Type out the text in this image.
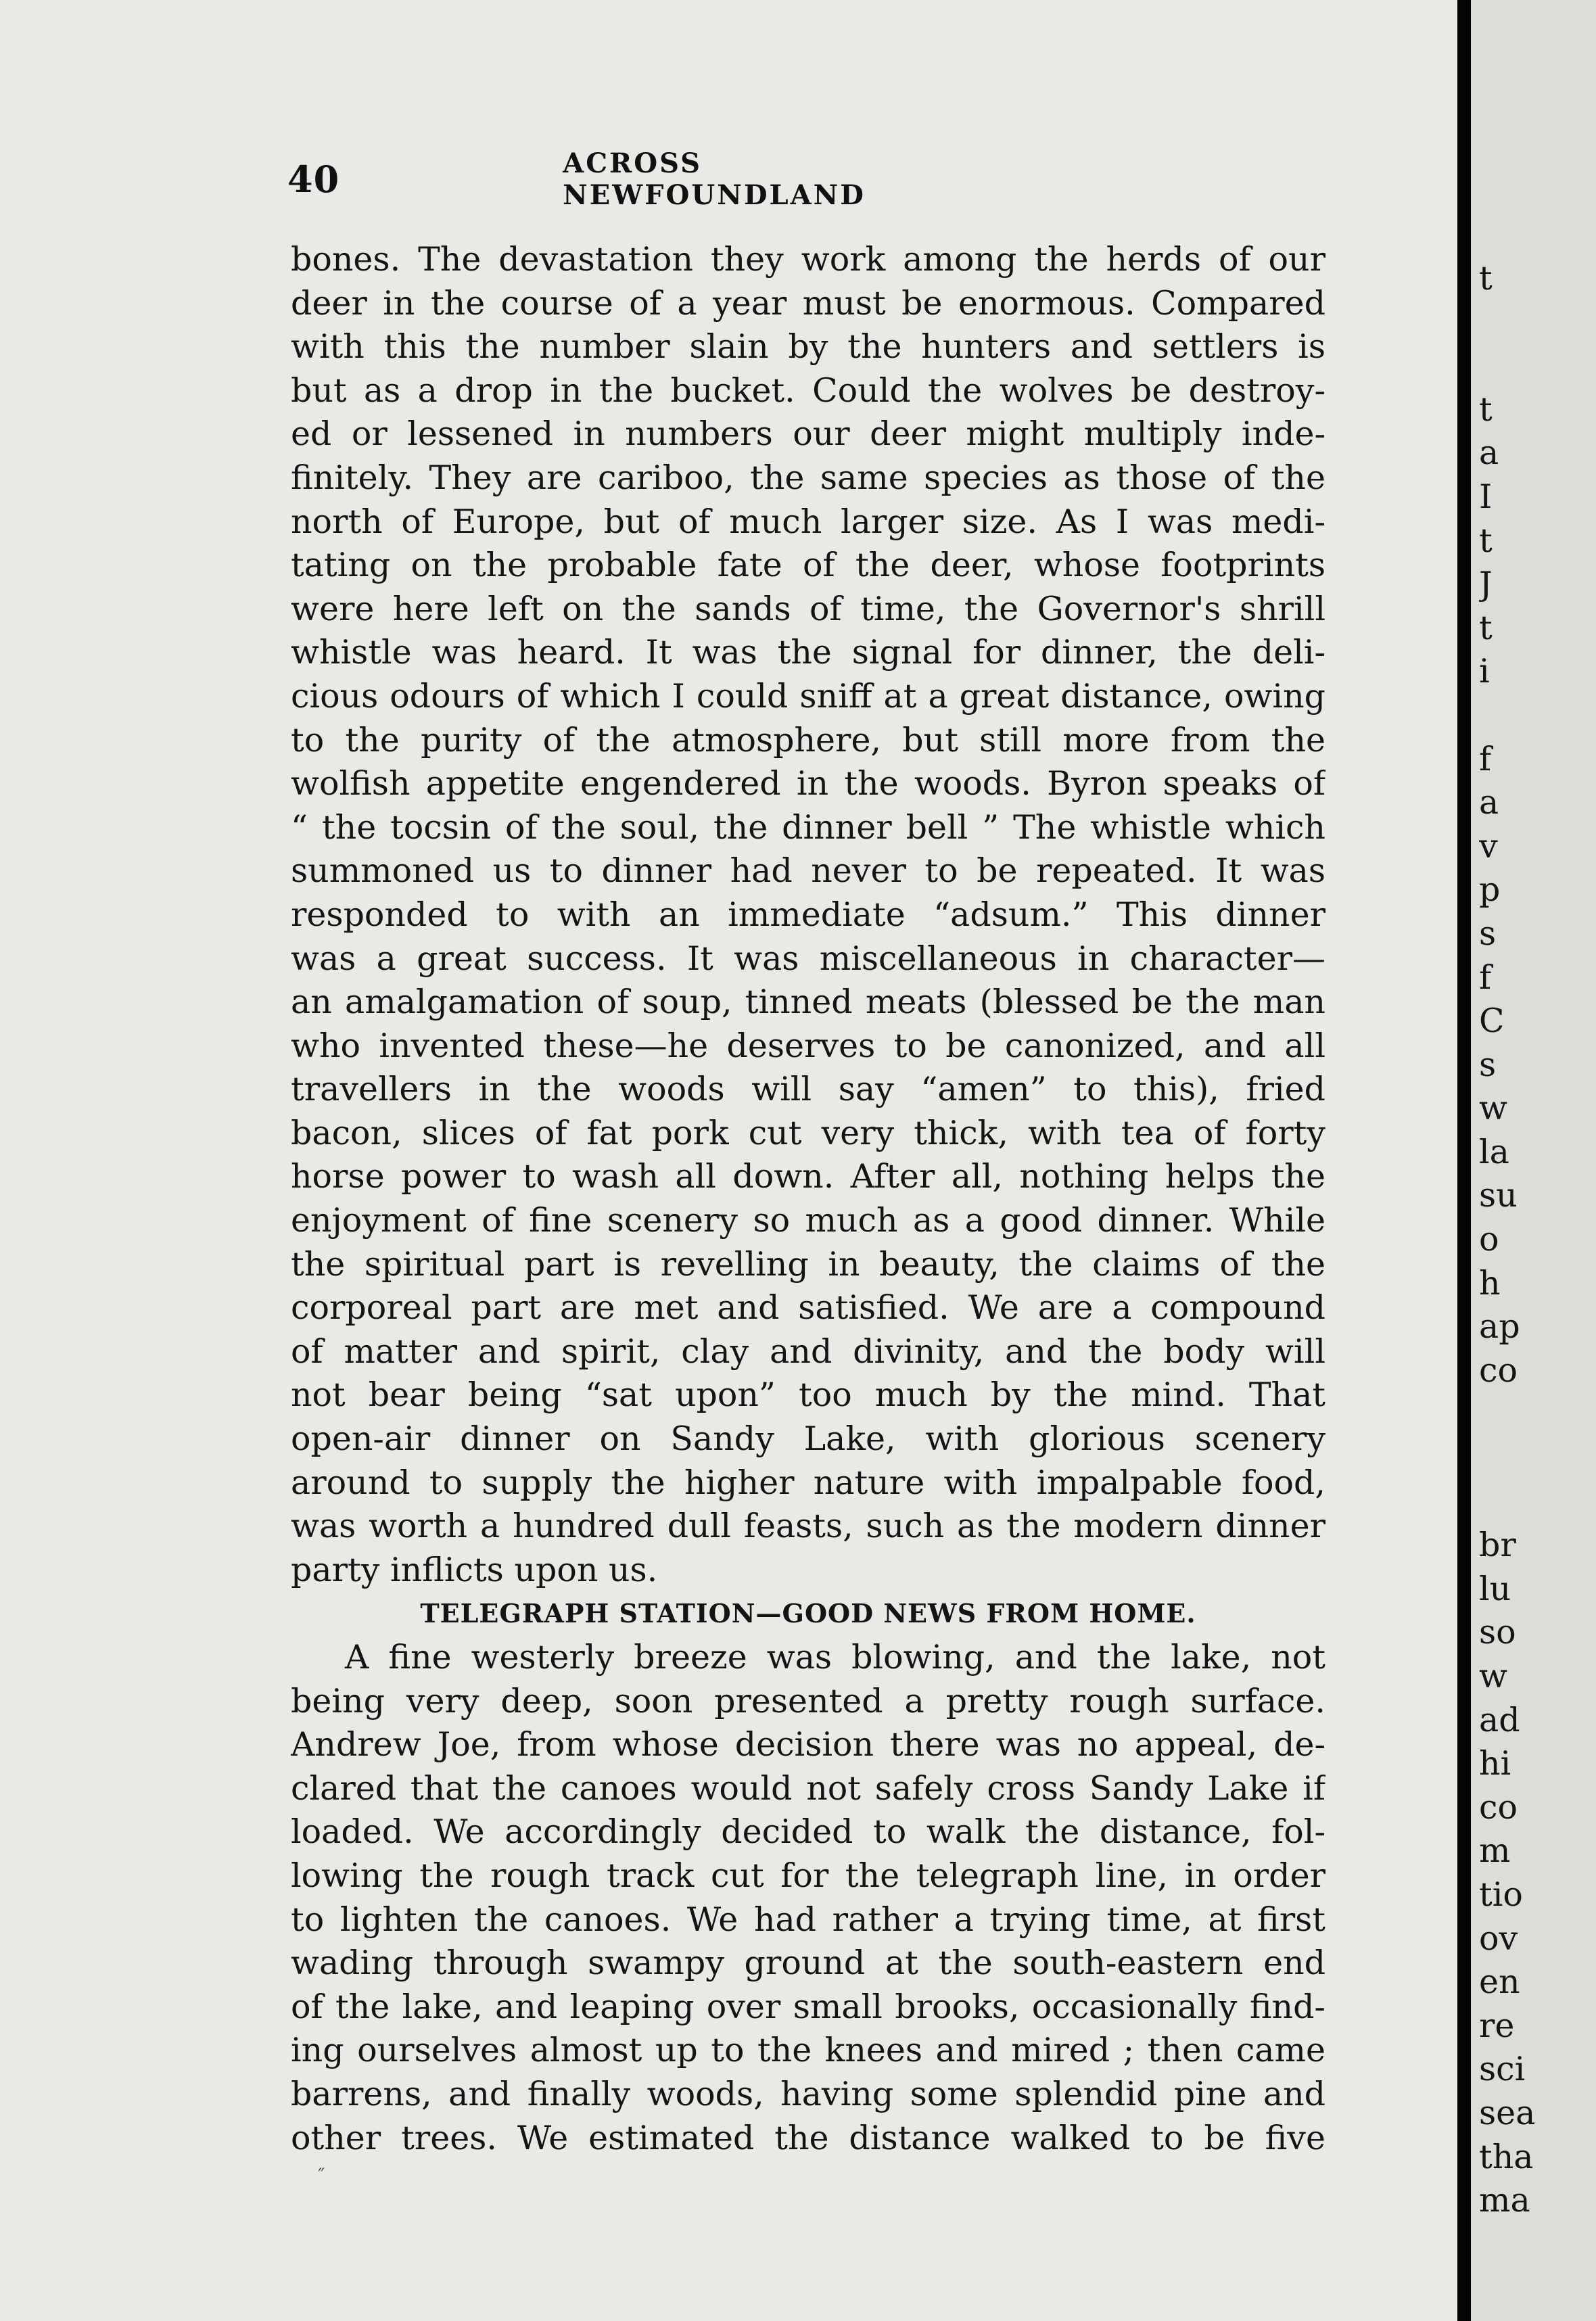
40	ACROSS NEWFOUNDLAND
bones. The devastation they work among the herds of our
deer in the course of a year must be enormous. Compared
with this the number slain by the hunters and settlers is
but as a drop in the bucket. Could the wolves be destroy-
ed or lessened in numbers our deer might multiply inde-
finitely. They are cariboo, the same species as those of the
north of Europe, but of much larger size. As I was medi-
tating on the probable fate of the deer, whose footprints
were here left on the sands of time, the Governor's shrill
whistle was heard. It was the signal for dinner, the deli-
cious odours of which I could sniff at a great distance, owing
to the purity of the atmosphere, but still more from the
wolfish appetite engendered in the woods. Byron speaks of
“ the tocsin of the soul, the dinner bell ” The whistle which
summoned us to dinner had never to be repeated. It was
responded to with an immediate “adsum.” This dinner
was a great success. It was miscellaneous in character—
an amalgamation of soup, tinned meats (blessed be the man
who invented these—he deserves to be canonized, and all
travellers in the woods will say “amen” to this), fried
bacon, slices of fat pork cut very thick, with tea of forty
horse power to wash all down. After all, nothing helps the
enjoyment of fine scenery so much as a good dinner. While
the spiritual part is revelling in beauty, the claims of the
corporeal part are met and satisfied. We are a compound
of matter and spirit, clay and divinity, and the body will
not bear being “sat upon” too much by the mind. That
open-air dinner on Sandy Lake, with glorious scenery
around to supply the higher nature with impalpable food,
was worth a hundred dull feasts, such as the modern dinner
party inflicts upon us.
TELEGRAPH STATION—GOOD NEWS FROM HOME.
A fine westerly breeze was blowing, and the lake, not
being very deep, soon presented a pretty rough surface.
Andrew Joe, from whose decision there was no appeal, de-
clared that the canoes would not safely cross Sandy Lake if
loaded. We accordingly decided to walk the distance, fol-
lowing the rough track cut for the telegraph line, in order
to lighten the canoes. We had rather a trying time, at first
wading through swampy ground at the south-eastern end
of the lake, and leaping over small brooks, occasionally find-
ing ourselves almost up to the knees and mired ; then came
barrens, and finally woods, having some splendid pine and
other trees. We estimated the distance walked to be five
″
t
t
a
I
t
J
t
i
f
a
v
p
s
f
C
s
w
la
su
o
h
ap
co
br
lu
so
w
ad
hi
co
m
tio
ov
en
re
sci
sea
tha
ma
